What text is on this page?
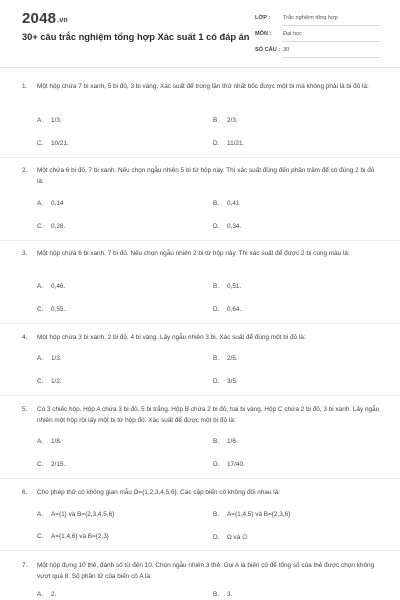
2048.vn
30+ câu trắc nghiệm tổng hợp Xác suất 1 có đáp án
LỚP : Trắc nghiệm tổng hợp
MÔN : Đại học
SỐ CÂU : 30
1. Một hộp chứa 7 bi xanh, 5 bi đỏ, 3 bi vàng. Xác suất để trong lần thử nhất bốc được một bi mà không phải là bi đỏ là:
A. 1/3.	B. 2/3.
C. 10/21.	D. 11/21.
2. Một chứa 6 bi đỏ, 7 bi xanh. Nếu chọn ngẫu nhiên 5 bi từ hộp này. Thì xác suất đúng đến phần trăm để có đúng 2 bi đỏ là:
A. 0,14	B. 0,41
C. 0,28.	D. 0,34.
3. Một hộp chứa 6 bi xanh, 7 bi đỏ. Nếu chọn ngẫu nhiên 2 bi từ hộp này. Thì xác suất để được 2 bi cùng màu là:
A. 0,46.	B. 0,51.
C. 0,55.	D. 0,64.
4. Một hộp chứa 3 bi xanh, 2 bi đỏ, 4 bi vàng. Lấy ngẫu nhiên 3 bi. Xác suất để đúng một bi đỏ là:
A. 1/3.	B. 2/5.
C. 1/2.	D. 3/5.
5. Có 3 chiếc hộp. Hộp A chứa 3 bi đỏ, 5 bi trắng. Hộp B chứa 2 bi đỏ, hai bi vàng. Hộp C chứa 2 bi đỏ, 3 bi xanh. Lấy ngẫu nhiên một hộp rồi lấy một bi từ hộp đó. Xác suất để được một bi đỏ là:
A. 1/8.	B. 1/6.
C. 2/15.	D. 17/40.
6. Cho phép thử có không gian mẫu Ω={1,2,3,4,5,6}. Các cặp biến cố không đối nhau là:
A. A={1} và B={2,3,4,5,6}	B. A={1,4,5} và B={2,3,6}
C. A={1,4,6} và B={2,3}	D. Ω và ∅
7. Một hộp đựng 10 thẻ, đánh số từ đến 10. Chọn ngẫu nhiên 3 thẻ. Gọi A là biến cố để tổng số của thẻ được chọn không vượt quá 8. Số phần tử của biến cố A là:
A. 2.	B. 3.
